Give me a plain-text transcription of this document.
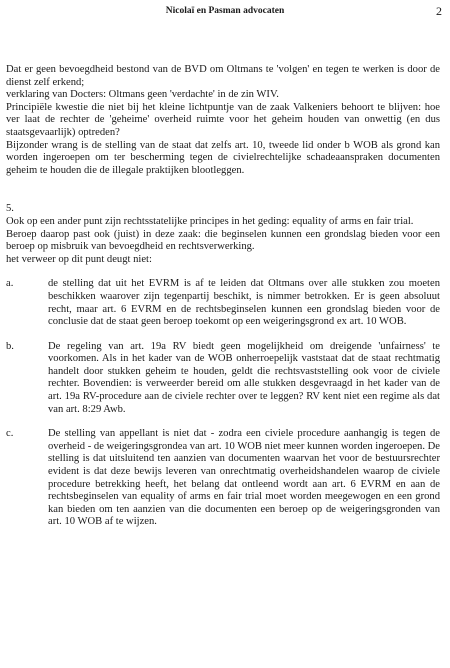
Nicolaï en Pasman advocaten	2

Dat er geen bevoegdheid bestond van de BVD om Oltmans te 'volgen' en tegen te werken is door de dienst zelf erkend;

verklaring van Docters: Oltmans geen 'verdachte' in de zin WIV.

Principiële kwestie die niet bij het kleine lichtpuntje van de zaak Valkeniers behoort te blijven: hoe ver laat de rechter de 'geheime' overheid ruimte voor het geheim houden van onwettig (en dus staatsgevaarlijk) optreden?

Bijzonder wrang is de stelling van de staat dat zelfs art. 10, tweede lid onder b WOB als grond kan worden ingeroepen om ter bescherming tegen de civielrechtelijke schadeaanspraken documenten geheim te houden die de illegale praktijken blootleggen.

5.

Ook op een ander punt zijn rechtsstatelijke principes in het geding: equality of arms en fair trial.

Beroep daarop past ook (juist) in deze zaak: die beginselen kunnen een grondslag bieden voor een beroep op misbruik van bevoegdheid en rechtsverwerking.

het verweer op dit punt deugt niet:

a.	de stelling dat uit het EVRM is af te leiden dat Oltmans over alle stukken zou moeten beschikken waarover zijn tegenpartij beschikt, is nimmer betrokken. Er is geen absoluut recht, maar art. 6 EVRM en de rechtsbeginselen kunnen een grondslag bieden voor de conclusie dat de staat geen beroep toekomt op een weigeringsgrond ex art. 10 WOB.
b.	De regeling van art. 19a RV biedt geen mogelijkheid om dreigende 'unfairness' te voorkomen. Als in het kader van de WOB onherroepelijk vaststaat dat de staat rechtmatig handelt door stukken geheim te houden, geldt die rechtsvaststelling ook voor de civiele rechter. Bovendien: is verweerder bereid om alle stukken desgevraagd in het kader van de art. 19a RV-procedure aan de civiele rechter over te leggen? RV kent niet een regime als dat van art. 8:29 Awb.
c.	De stelling van appellant is niet dat - zodra een civiele procedure aanhangig is tegen de overheid - de weigeringsgrondea van art. 10 WOB niet meer kunnen worden ingeroepen. De stelling is dat uitsluitend ten aanzien van documenten waarvan het voor de bestuursrechter evident is dat deze bewijs leveren van onrechtmatig overheidshandelen waarop de civiele procedure betrekking heeft, het belang dat ontleend wordt aan art. 6 EVRM en aan de rechtsbeginselen van equality of arms en fair trial moet worden meegewogen en een grond kan bieden om ten aanzien van die documenten een beroep op de weigeringsgronden van art. 10 WOB af te wijzen.
